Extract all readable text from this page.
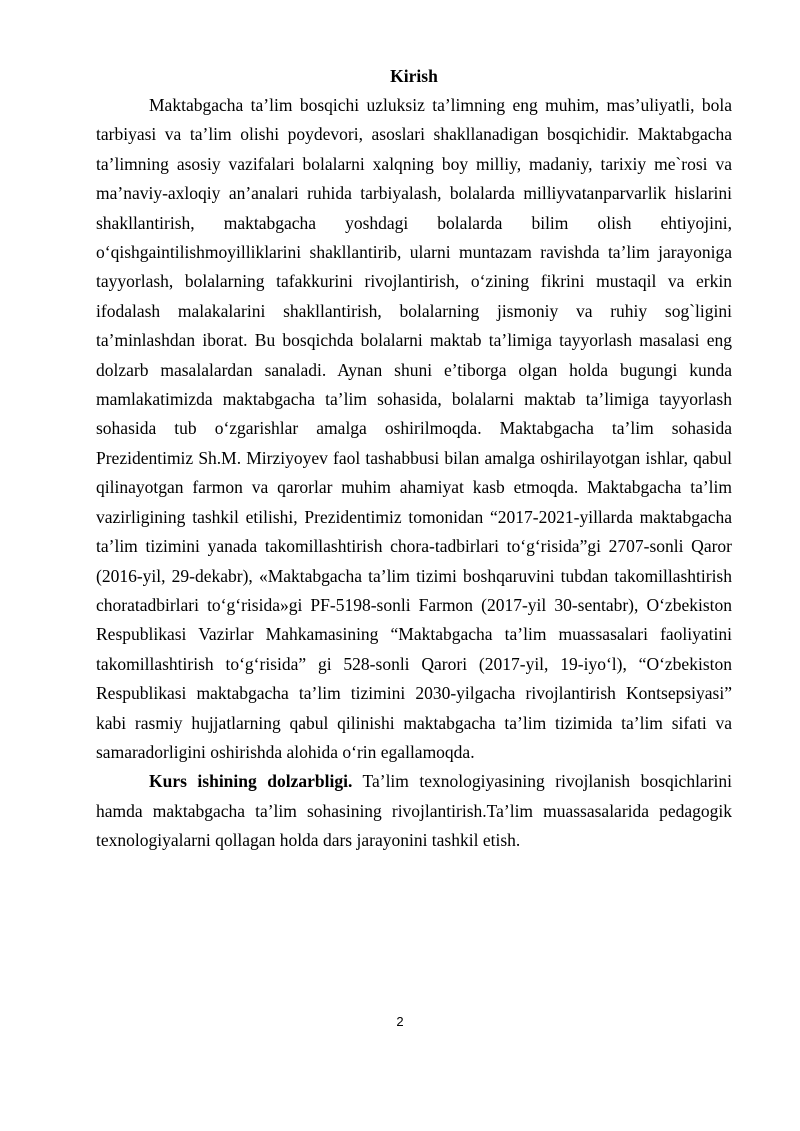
Kirish

Maktabgacha ta’lim bosqichi uzluksiz ta’limning eng muhim, mas’uliyatli, bola tarbiyasi va ta’lim olishi poydevori, asoslari shakllanadigan bosqichidir. Maktabgacha ta’limning asosiy vazifalari bolalarni xalqning boy milliy, madaniy, tarixiy me`rosi va ma’naviy-axloqiy an’analari ruhida tarbiyalash, bolalarda milliyvatanparvarlik hislarini shakllantirish, maktabgacha yoshdagi bolalarda bilim olish ehtiyojini, o‘qishgaintilishmoyilliklarini shakllantirib, ularni muntazam ravishda ta’lim jarayoniga tayyorlash, bolalarning tafakkurini rivojlantirish, o‘zining fikrini mustaqil va erkin ifodalash malakalarini shakllantirish, bolalarning jismoniy va ruhiy sog`ligini ta’minlashdan iborat. Bu bosqichda bolalarni maktab ta’limiga tayyorlash masalasi eng dolzarb masalalardan sanaladi. Aynan shuni e’tiborga olgan holda bugungi kunda mamlakatimizda maktabgacha ta’lim sohasida, bolalarni maktab ta’limiga tayyorlash sohasida tub o‘zgarishlar amalga oshirilmoqda. Maktabgacha ta’lim sohasida Prezidentimiz Sh.M. Mirziyoyev faol tashabbusi bilan amalga oshirilayotgan ishlar, qabul qilinayotgan farmon va qarorlar muhim ahamiyat kasb etmoqda. Maktabgacha ta’lim vazirligining tashkil etilishi, Prezidentimiz tomonidan “2017-2021-yillarda maktabgacha ta’lim tizimini yanada takomillashtirish chora-tadbirlari to‘g‘risida”gi 2707-sonli Qaror (2016-yil, 29-dekabr), «Maktabgacha ta’lim tizimi boshqaruvini tubdan takomillashtirish choratadbirlari to‘g‘risida»gi PF-5198-sonli Farmon (2017-yil 30-sentabr), O‘zbekiston Respublikasi Vazirlar Mahkamasining “Maktabgacha ta’lim muassasalari faoliyatini takomillashtirish to‘g‘risida” gi 528-sonli Qarori (2017-yil, 19-iyo‘l), “O‘zbekiston Respublikasi maktabgacha ta’lim tizimini 2030-yilgacha rivojlantirish Kontsepsiyasi” kabi rasmiy hujjatlarning qabul qilinishi maktabgacha ta’lim tizimida ta’lim sifati va samaradorligini oshirishda alohida o‘rin egallamoqda.

Kurs ishining dolzarbligi. Ta’lim texnologiyasining rivojlanish bosqichlarini hamda maktabgacha ta’lim sohasining rivojlantirish.Ta’lim muassasalarida pedagogik texnologiyalarni qollagan holda dars jarayonini tashkil etish.

2
